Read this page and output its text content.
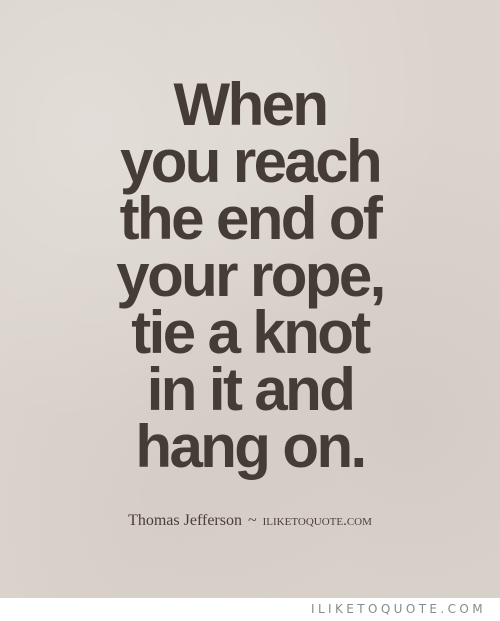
When
you reach
the end of
your rope,
tie a knot
in it and
hang on.
Thomas Jefferson ~ iliketoquote.com
ILIKETOQUOTE.COM
